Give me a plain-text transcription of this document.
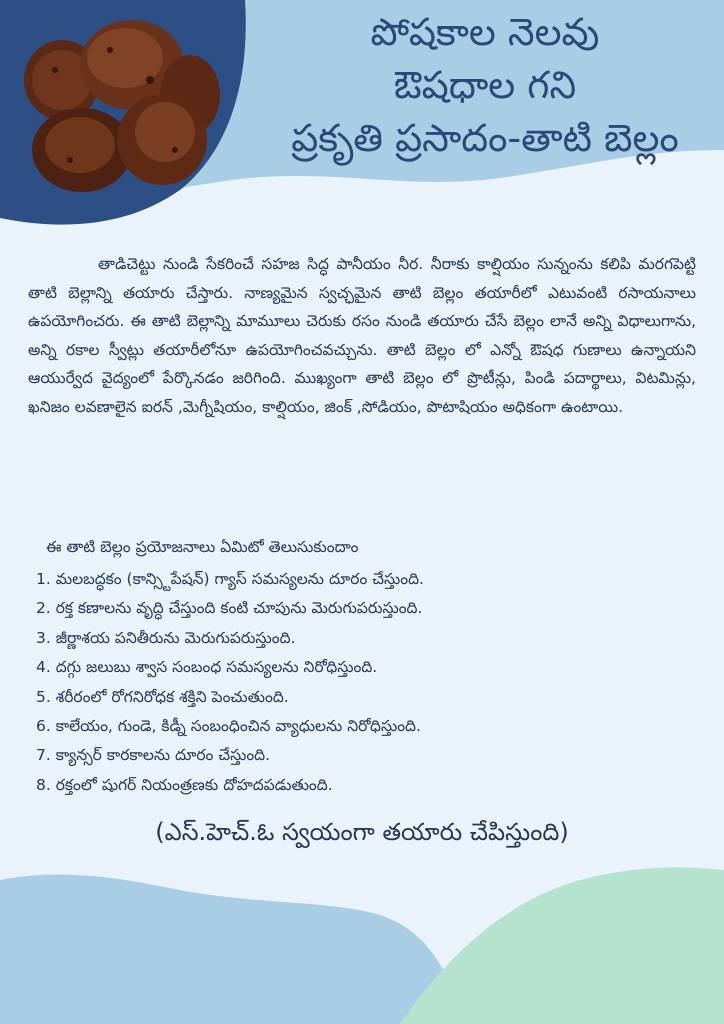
పోషకాల నెలవు
ఔషధాల గని
ప్రకృతి ప్రసాదం-తాటి బెల్లం

తాడిచెట్టు నుండి సేకరించే సహజ సిద్ధ పానీయం నీర. నీరాకు కాల్షియం సున్నంను కలిపి మరగపెట్టి తాటి బెల్లాన్ని తయారు చేస్తారు. నాణ్యమైన స్వచ్ఛమైన తాటి బెల్లం తయారీలో ఎటువంటి రసాయనాలు ఉపయోగించరు. ఈ తాటి బెల్లాన్ని మామూలు చెరుకు రసం నుండి తయారు చేసే బెల్లం లానే అన్ని విధాలుగాను, అన్ని రకాల స్వీట్లు తయారీలోనూ ఉపయోగించవచ్చును. తాటి బెల్లం లో ఎన్నో ఔషధ గుణాలు ఉన్నాయని ఆయుర్వేద వైద్యంలో పేర్కొనడం జరిగింది. ముఖ్యంగా తాటి బెల్లం లో ప్రొటీన్లు, పిండి పదార్థాలు, విటమిన్లు, ఖనిజం లవణాలైన ఐరన్ ,మెగ్నీషియం, కాల్షియం, జింక్ ,సోడియం, పొటాషియం అధికంగా ఉంటాయి.

ఈ తాటి బెల్లం ప్రయోజనాలు ఏమిటో తెలుసుకుందాం

1. మలబద్ధకం (కాన్స్టిపేషన్) గ్యాస్ సమస్యలను దూరం చేస్తుంది.
2. రక్త కణాలను వృద్ధి చేస్తుంది కంటి చూపును మెరుగుపరుస్తుంది.
3. జీర్ణాశయ పనితీరును మెరుగుపరుస్తుంది.
4. దగ్గు జలుబు శ్వాస సంబంధ సమస్యలను నిరోధిస్తుంది.
5. శరీరంలో రోగనిరోధక శక్తిని పెంచుతుంది.
6. కాలేయం, గుండె, కిడ్నీ సంబంధించిన వ్యాధులను నిరోధిస్తుంది.
7. క్యాన్సర్ కారకాలను దూరం చేస్తుంది.
8. రక్తంలో షుగర్ నియంత్రణకు దోహదపడుతుంది.

(ఎస్.హెచ్.ఓ స్వయంగా తయారు చేపిస్తుంది)
